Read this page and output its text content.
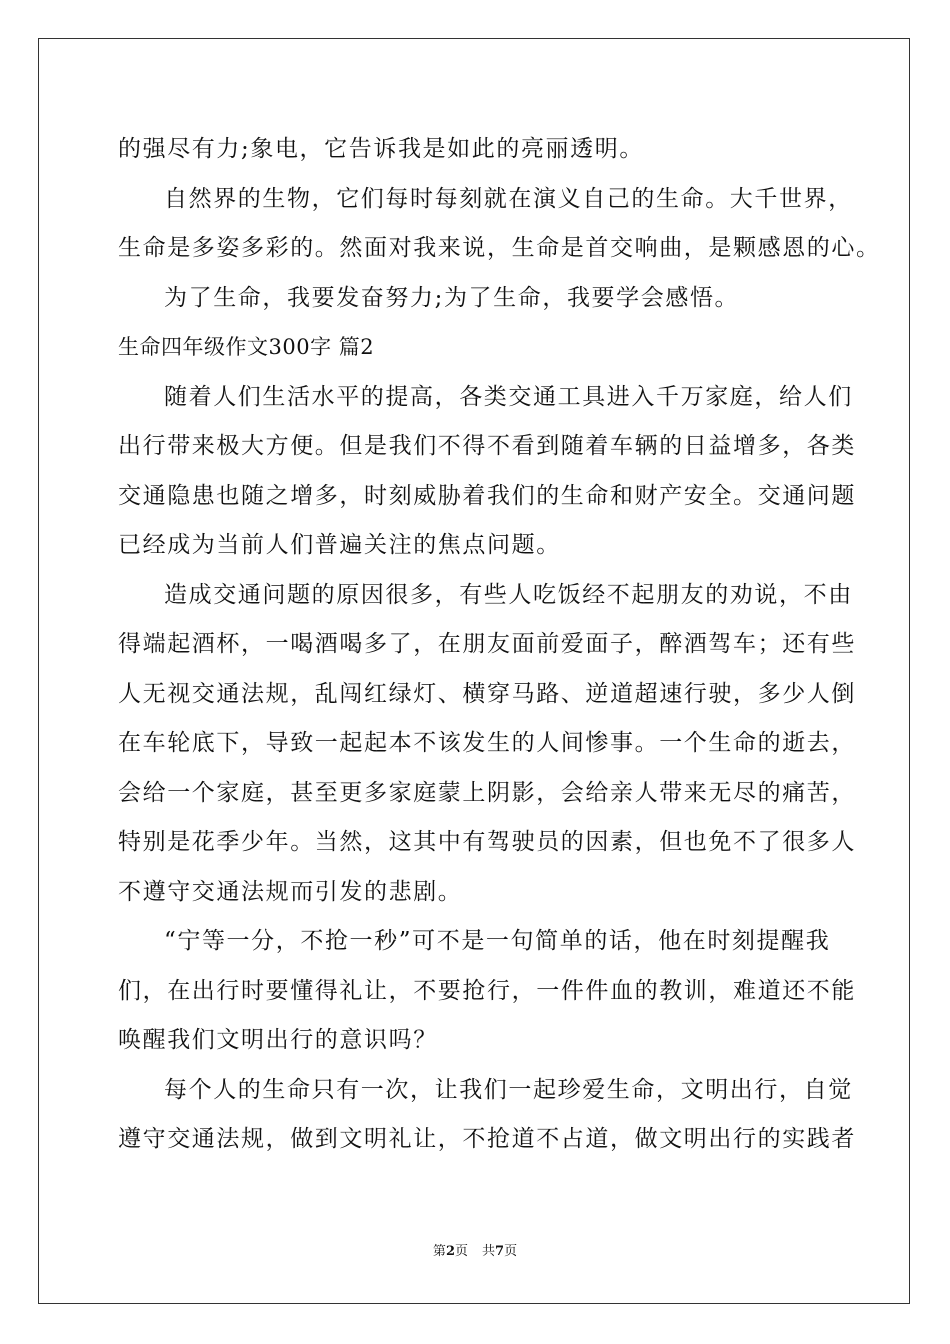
的强尽有力;象电，它告诉我是如此的亮丽透明。
自然界的生物，它们每时每刻就在演义自己的生命。大千世界，
生命是多姿多彩的。然面对我来说，生命是首交响曲，是颗感恩的心。
为了生命，我要发奋努力;为了生命，我要学会感悟。
生命四年级作文300字 篇2
随着人们生活水平的提高，各类交通工具进入千万家庭，给人们
出行带来极大方便。但是我们不得不看到随着车辆的日益增多，各类
交通隐患也随之增多，时刻威胁着我们的生命和财产安全。交通问题
已经成为当前人们普遍关注的焦点问题。
造成交通问题的原因很多，有些人吃饭经不起朋友的劝说，不由
得端起酒杯，一喝酒喝多了，在朋友面前爱面子，醉酒驾车；还有些
人无视交通法规，乱闯红绿灯、横穿马路、逆道超速行驶，多少人倒
在车轮底下，导致一起起本不该发生的人间惨事。一个生命的逝去，
会给一个家庭，甚至更多家庭蒙上阴影，会给亲人带来无尽的痛苦，
特别是花季少年。当然，这其中有驾驶员的因素，但也免不了很多人
不遵守交通法规而引发的悲剧。
“宁等一分，不抢一秒”可不是一句简单的话，他在时刻提醒我
们，在出行时要懂得礼让，不要抢行，一件件血的教训，难道还不能
唤醒我们文明出行的意识吗？
每个人的生命只有一次，让我们一起珍爱生命，文明出行，自觉
遵守交通法规，做到文明礼让，不抢道不占道，做文明出行的实践者
第2页 共7页
